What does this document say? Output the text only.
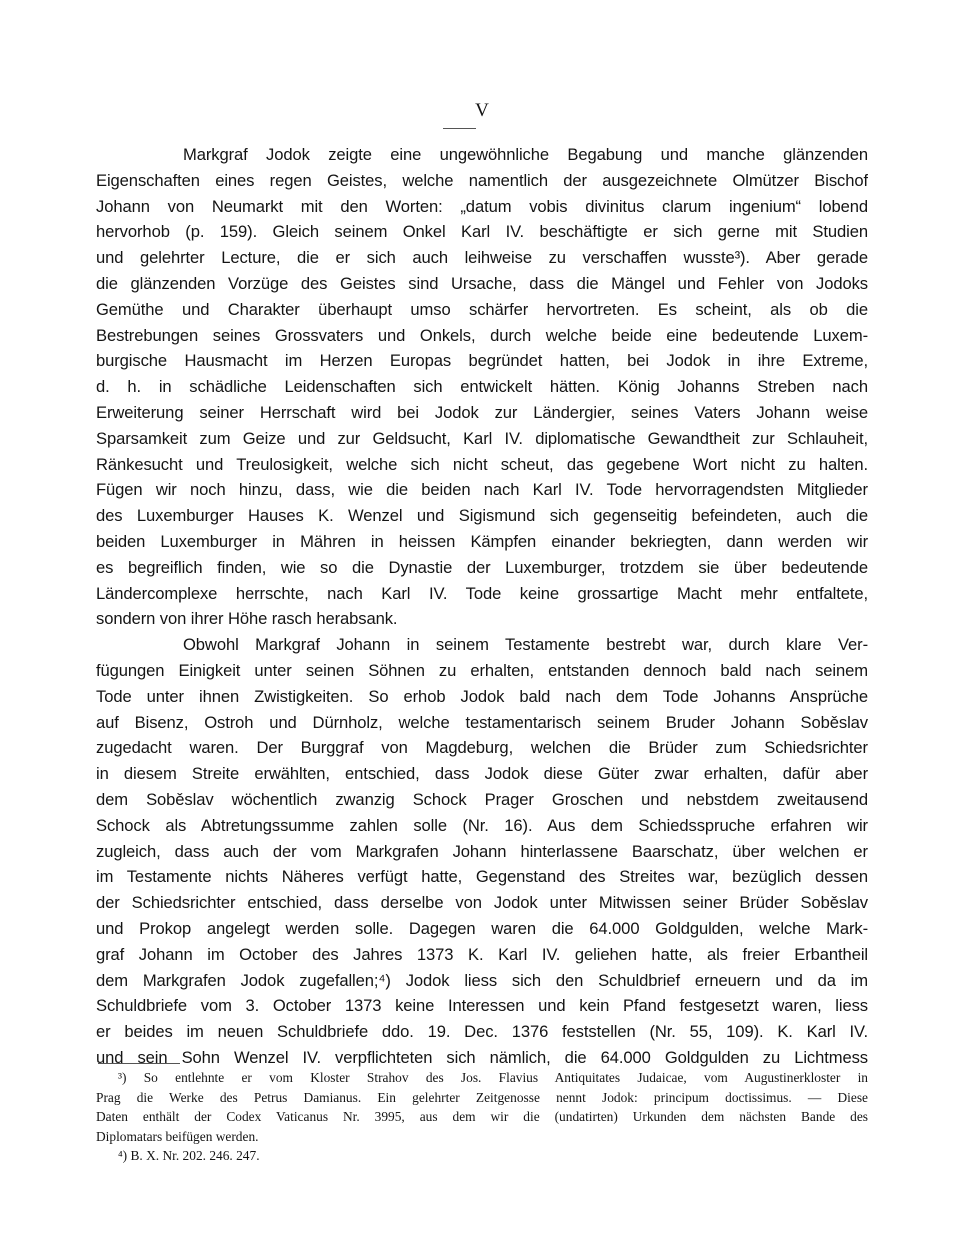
V
Markgraf Jodok zeigte eine ungewöhnliche Begabung und manche glänzenden
Eigenschaften eines regen Geistes, welche namentlich der ausgezeichnete Olmützer Bischof
Johann von Neumarkt mit den Worten: „datum vobis divinitus clarum ingenium“ lobend
hervorhob (p. 159). Gleich seinem Onkel Karl IV. beschäftigte er sich gerne mit Studien
und gelehrter Lecture, die er sich auch leihweise zu verschaffen wusste³). Aber gerade
die glänzenden Vorzüge des Geistes sind Ursache, dass die Mängel und Fehler von Jodoks
Gemüthe und Charakter überhaupt umso schärfer hervortreten. Es scheint, als ob die
Bestrebungen seines Grossvaters und Onkels, durch welche beide eine bedeutende Luxem-
burgische Hausmacht im Herzen Europas begründet hatten, bei Jodok in ihre Extreme,
d. h. in schädliche Leidenschaften sich entwickelt hätten. König Johanns Streben nach
Erweiterung seiner Herrschaft wird bei Jodok zur Ländergier, seines Vaters Johann weise
Sparsamkeit zum Geize und zur Geldsucht, Karl IV. diplomatische Gewandtheit zur Schlauheit,
Ränkesucht und Treulosigkeit, welche sich nicht scheut, das gegebene Wort nicht zu halten.
Fügen wir noch hinzu, dass, wie die beiden nach Karl IV. Tode hervorragendsten Mitglieder
des Luxemburger Hauses K. Wenzel und Sigismund sich gegenseitig befeindeten, auch die
beiden Luxemburger in Mähren in heissen Kämpfen einander bekriegten, dann werden wir
es begreiflich finden, wie so die Dynastie der Luxemburger, trotzdem sie über bedeutende
Ländercomplexe herrschte, nach Karl IV. Tode keine grossartige Macht mehr entfaltete,
sondern von ihrer Höhe rasch herabsank.
Obwohl Markgraf Johann in seinem Testamente bestrebt war, durch klare Ver-
fügungen Einigkeit unter seinen Söhnen zu erhalten, entstanden dennoch bald nach seinem
Tode unter ihnen Zwistigkeiten. So erhob Jodok bald nach dem Tode Johanns Ansprüche
auf Bisenz, Ostroh und Dürnholz, welche testamentarisch seinem Bruder Johann Soběslav
zugedacht waren. Der Burggraf von Magdeburg, welchen die Brüder zum Schiedsrichter
in diesem Streite erwählten, entschied, dass Jodok diese Güter zwar erhalten, dafür aber
dem Soběslav wöchentlich zwanzig Schock Prager Groschen und nebstdem zweitausend
Schock als Abtretungssumme zahlen solle (Nr. 16). Aus dem Schiedsspruche erfahren wir
zugleich, dass auch der vom Markgrafen Johann hinterlassene Baarschatz, über welchen er
im Testamente nichts Näheres verfügt hatte, Gegenstand des Streites war, bezüglich dessen
der Schiedsrichter entschied, dass derselbe von Jodok unter Mitwissen seiner Brüder Soběslav
und Prokop angelegt werden solle. Dagegen waren die 64.000 Goldgulden, welche Mark-
graf Johann im October des Jahres 1373 K. Karl IV. geliehen hatte, als freier Erbantheil
dem Markgrafen Jodok zugefallen;⁴) Jodok liess sich den Schuldbrief erneuern und da im
Schuldbriefe vom 3. October 1373 keine Interessen und kein Pfand festgesetzt waren, liess
er beides im neuen Schuldbriefe ddo. 19. Dec. 1376 feststellen (Nr. 55, 109). K. Karl IV.
und sein Sohn Wenzel IV. verpflichteten sich nämlich, die 64.000 Goldgulden zu Lichtmess
³) So entlehnte er vom Kloster Strahov des Jos. Flavius Antiquitates Judaicae, vom Augustinerkloster in
Prag die Werke des Petrus Damianus. Ein gelehrter Zeitgenosse nennt Jodok: principum doctissimus. — Diese
Daten enthält der Codex Vaticanus Nr. 3995, aus dem wir die (undatirten) Urkunden dem nächsten Bande des
Diplomatars beifügen werden.
⁴) B. X. Nr. 202. 246. 247.
